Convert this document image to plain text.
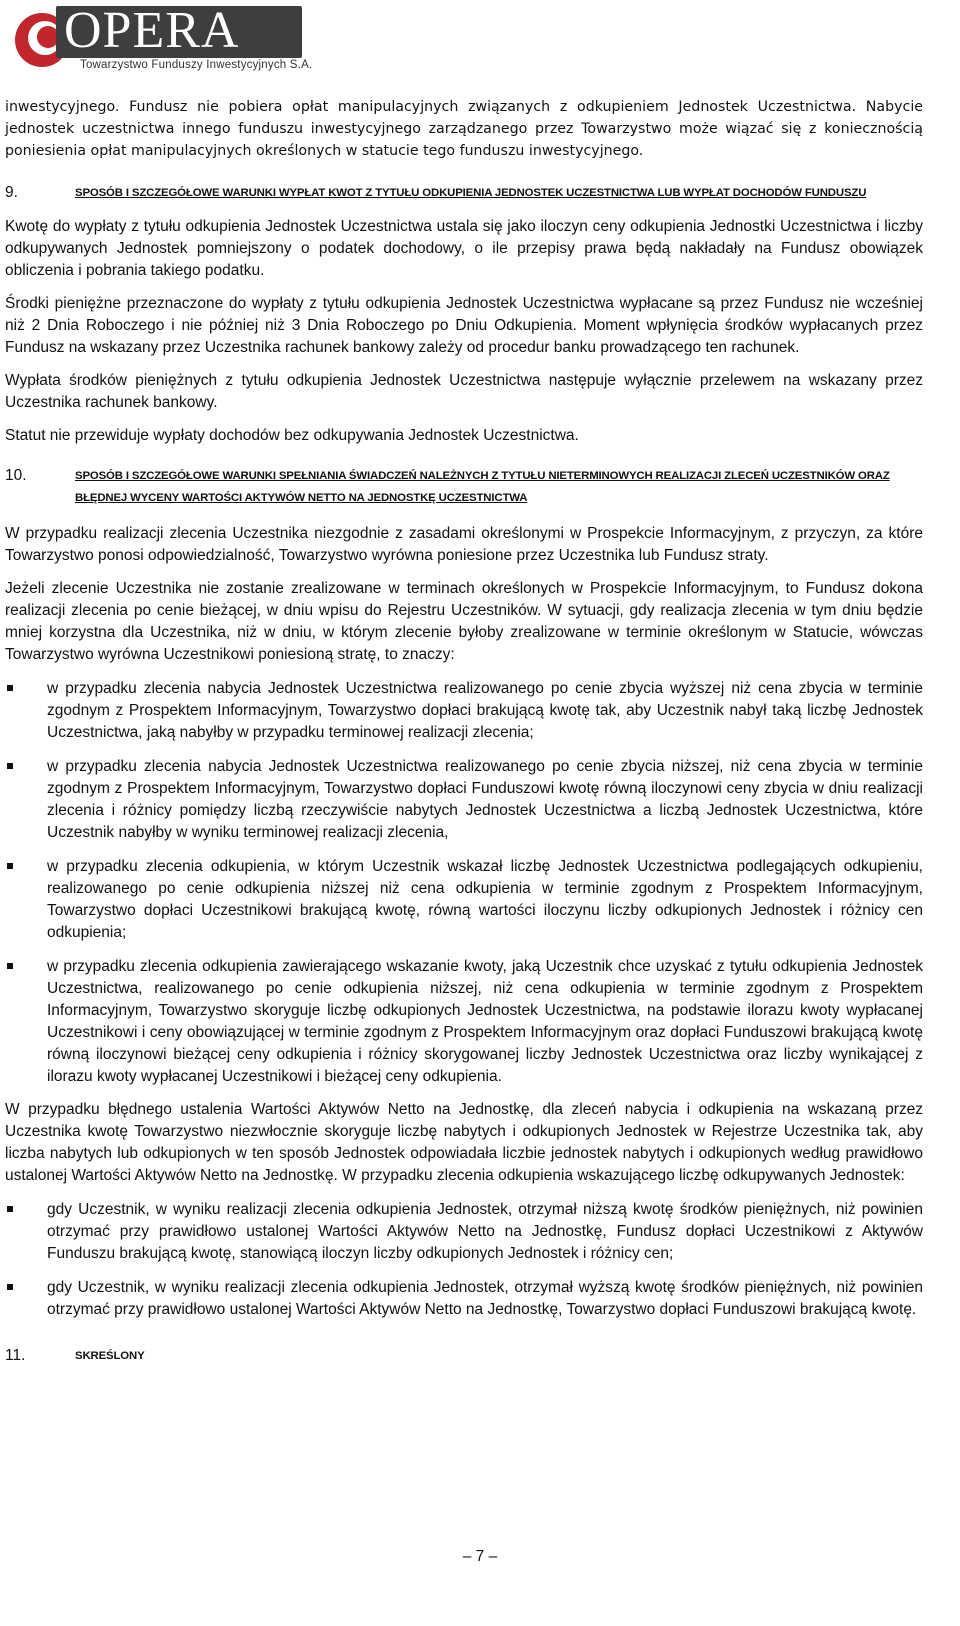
OPERA
Towarzystwo Funduszy Inwestycyjnych S.A.

inwestycyjnego. Fundusz nie pobiera opłat manipulacyjnych związanych z odkupieniem Jednostek Uczestnictwa. Nabycie jednostek uczestnictwa innego funduszu inwestycyjnego zarządzanego przez Towarzystwo może wiązać się z koniecznością poniesienia opłat manipulacyjnych określonych w statucie tego funduszu inwestycyjnego.

9.	SPOSÓB I SZCZEGÓŁOWE WARUNKI WYPŁAT KWOT Z TYTUŁU ODKUPIENIA JEDNOSTEK UCZESTNICTWA LUB WYPŁAT DOCHODÓW FUNDUSZU

Kwotę do wypłaty z tytułu odkupienia Jednostek Uczestnictwa ustala się jako iloczyn ceny odkupienia Jednostki Uczestnictwa i liczby odkupywanych Jednostek pomniejszony o podatek dochodowy, o ile przepisy prawa będą nakładały na Fundusz obowiązek obliczenia i pobrania takiego podatku.

Środki pieniężne przeznaczone do wypłaty z tytułu odkupienia Jednostek Uczestnictwa wypłacane są przez Fundusz nie wcześniej niż 2 Dnia Roboczego i nie później niż 3 Dnia Roboczego po Dniu Odkupienia. Moment wpłynięcia środków wypłacanych przez Fundusz na wskazany przez Uczestnika rachunek bankowy zależy od procedur banku prowadzącego ten rachunek.

Wypłata środków pieniężnych z tytułu odkupienia Jednostek Uczestnictwa następuje wyłącznie przelewem na wskazany przez Uczestnika rachunek bankowy.

Statut nie przewiduje wypłaty dochodów bez odkupywania Jednostek Uczestnictwa.

10.	SPOSÓB I SZCZEGÓŁOWE WARUNKI SPEŁNIANIA ŚWIADCZEŃ NALEŻNYCH Z TYTUŁU NIETERMINOWYCH REALIZACJI ZLECEŃ UCZESTNIKÓW ORAZ BŁĘDNEJ WYCENY WARTOŚCI AKTYWÓW NETTO NA JEDNOSTKĘ UCZESTNICTWA

W przypadku realizacji zlecenia Uczestnika niezgodnie z zasadami określonymi w Prospekcie Informacyjnym, z przyczyn, za które Towarzystwo ponosi odpowiedzialność, Towarzystwo wyrówna poniesione przez Uczestnika lub Fundusz straty.

Jeżeli zlecenie Uczestnika nie zostanie zrealizowane w terminach określonych w Prospekcie Informacyjnym, to Fundusz dokona realizacji zlecenia po cenie bieżącej, w dniu wpisu do Rejestru Uczestników. W sytuacji, gdy realizacja zlecenia w tym dniu będzie mniej korzystna dla Uczestnika, niż w dniu, w którym zlecenie byłoby zrealizowane w terminie określonym w Statucie, wówczas Towarzystwo wyrówna Uczestnikowi poniesioną stratę, to znaczy:

w przypadku zlecenia nabycia Jednostek Uczestnictwa realizowanego po cenie zbycia wyższej niż cena zbycia w terminie zgodnym z Prospektem Informacyjnym, Towarzystwo dopłaci brakującą kwotę tak, aby Uczestnik nabył taką liczbę Jednostek Uczestnictwa, jaką nabyłby w przypadku terminowej realizacji zlecenia;

w przypadku zlecenia nabycia Jednostek Uczestnictwa realizowanego po cenie zbycia niższej, niż cena zbycia w terminie zgodnym z Prospektem Informacyjnym, Towarzystwo dopłaci Funduszowi kwotę równą iloczynowi ceny zbycia w dniu realizacji zlecenia i różnicy pomiędzy liczbą rzeczywiście nabytych Jednostek Uczestnictwa a liczbą Jednostek Uczestnictwa, które Uczestnik nabyłby w wyniku terminowej realizacji zlecenia,

w przypadku zlecenia odkupienia, w którym Uczestnik wskazał liczbę Jednostek Uczestnictwa podlegających odkupieniu, realizowanego po cenie odkupienia niższej niż cena odkupienia w terminie zgodnym z Prospektem Informacyjnym, Towarzystwo dopłaci Uczestnikowi brakującą kwotę, równą wartości iloczynu liczby odkupionych Jednostek i różnicy cen odkupienia;

w przypadku zlecenia odkupienia zawierającego wskazanie kwoty, jaką Uczestnik chce uzyskać z tytułu odkupienia Jednostek Uczestnictwa, realizowanego po cenie odkupienia niższej, niż cena odkupienia w terminie zgodnym z Prospektem Informacyjnym, Towarzystwo skoryguje liczbę odkupionych Jednostek Uczestnictwa, na podstawie ilorazu kwoty wypłacanej Uczestnikowi i ceny obowiązującej w terminie zgodnym z Prospektem Informacyjnym oraz dopłaci Funduszowi brakującą kwotę równą iloczynowi bieżącej ceny odkupienia i różnicy skorygowanej liczby Jednostek Uczestnictwa oraz liczby wynikającej z ilorazu kwoty wypłacanej Uczestnikowi i bieżącej ceny odkupienia.

W przypadku błędnego ustalenia Wartości Aktywów Netto na Jednostkę, dla zleceń nabycia i odkupienia na wskazaną przez Uczestnika kwotę Towarzystwo niezwłocznie skoryguje liczbę nabytych i odkupionych Jednostek w Rejestrze Uczestnika tak, aby liczba nabytych lub odkupionych w ten sposób Jednostek odpowiadała liczbie jednostek nabytych i odkupionych według prawidłowo ustalonej Wartości Aktywów Netto na Jednostkę. W przypadku zlecenia odkupienia wskazującego liczbę odkupywanych Jednostek:

gdy Uczestnik, w wyniku realizacji zlecenia odkupienia Jednostek, otrzymał niższą kwotę środków pieniężnych, niż powinien otrzymać przy prawidłowo ustalonej Wartości Aktywów Netto na Jednostkę, Fundusz dopłaci Uczestnikowi z Aktywów Funduszu brakującą kwotę, stanowiącą iloczyn liczby odkupionych Jednostek i różnicy cen;

gdy Uczestnik, w wyniku realizacji zlecenia odkupienia Jednostek, otrzymał wyższą kwotę środków pieniężnych, niż powinien otrzymać przy prawidłowo ustalonej Wartości Aktywów Netto na Jednostkę, Towarzystwo dopłaci Funduszowi brakującą kwotę.

11.	SKREŚLONY
– 7 –
